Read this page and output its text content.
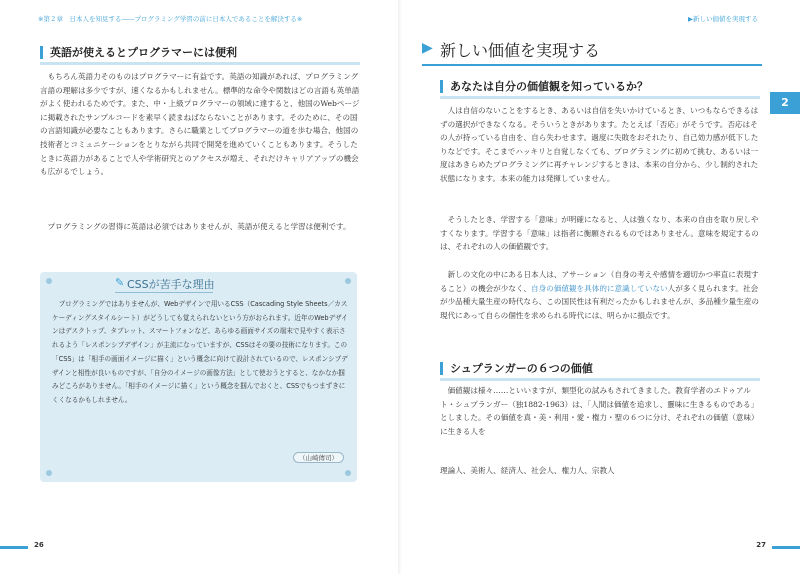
※第２章　日本人を知見する――プログラミング学習の前に日本人であることを解決する※
英語が使えるとプログラマーには便利

もちろん英語力そのものはプログラマーに有益です。英語の知識があれば、プログラミング言語の理解は多少ですが、速くなるかもしれません。標準的な命令や関数はどの言語も英単語がよく使われるためです。また、中・上級プログラマーの領域に達すると、他国のWebページに掲載されたサンプルコードを素早く読まねばならないことがあります。そのために、その国の言語知識が必要なこともあります。さらに職業としてプログラマーの道を歩む場合、他国の技術者とコミュニケーションをとりながら共同で開発を進めていくこともあります。そうしたときに英語力があることで人や学術研究とのアクセスが増え、それだけキャリアアップの機会も広がるでしょう。

プログラミングの習得に英語は必須ではありませんが、英語が使えると学習は便利です。

✎ CSSが苦手な理由

プログラミングではありませんが、Webデザインで用いるCSS（Cascading Style Sheets／カスケーディングスタイルシート）がどうしても覚えられないという方がおられます。近年のWebデザインはデスクトップ、タブレット、スマートフォンなど、あらゆる画面サイズの端末で見やすく表示されるよう「レスポンシブデザイン」が主流になっていますが、CSSはその要の技術になります。この「CSS」は「相手の画面イメージに描く」という概念に向けて設計されているので、レスポンシブデザインと相性が良いものですが、「自分のイメージの画像方法」として使おうとすると、なかなか掴みどころがありません。「相手のイメージに描く」という概念を掴んでおくと、CSSでもつまずきにくくなるかもしれません。

（山崎傳司）
26
▶新しい価値を実現する
▶ 新しい価値を実現する
2
あなたは自分の価値観を知っているか？

人は自信のないことをするとき、あるいは自信を失いかけているとき、いつもならできるはずの選択ができなくなる。そういうときがあります。たとえば「否応」がそうです。否応はその人が持っている自由を、自ら失わせます。過度に失敗をおそれたり、自己効力感が低下したりなどです。そこまでハッキリと自覚しなくても、プログラミングに初めて挑む、あるいは一度はあきらめたプログラミングに再チャレンジするときは、本来の自分から、少し制約された状態になります。本来の能力は発揮していません。

そうしたとき、学習する「意味」が明確になると、人は強くなり、本来の自由を取り戻しやすくなります。学習する「意味」は指者に衡願されるものではありません。意味を規定するのは、それぞれの人の価値観です。

新しの文化の中にある日本人は、アサーション（自身の考えや感情を適切かつ率直に表現すること）の機会が少なく、自身の価値観を具体的に意識していない人が多く見られます。社会が少品種大量生産の時代なら、この国民性は有利だったかもしれませんが、多品種少量生産の現代にあって自らの個性を求められる時代には、明らかに損点です。

シュプランガーの６つの価値

価値観は様々……といいますが、類型化の試みもされてきました。教育学者のエドゥアルト・シュプランガー（独1882-1963）は、「人間は価値を追求し、靈味に生きるものである」としました。その価値を真・美・利用・愛・権力・聖の６つに分け、それぞれの価値（意味）に生きる人を

理論人、美術人、経済人、社会人、権力人、宗教人
27
